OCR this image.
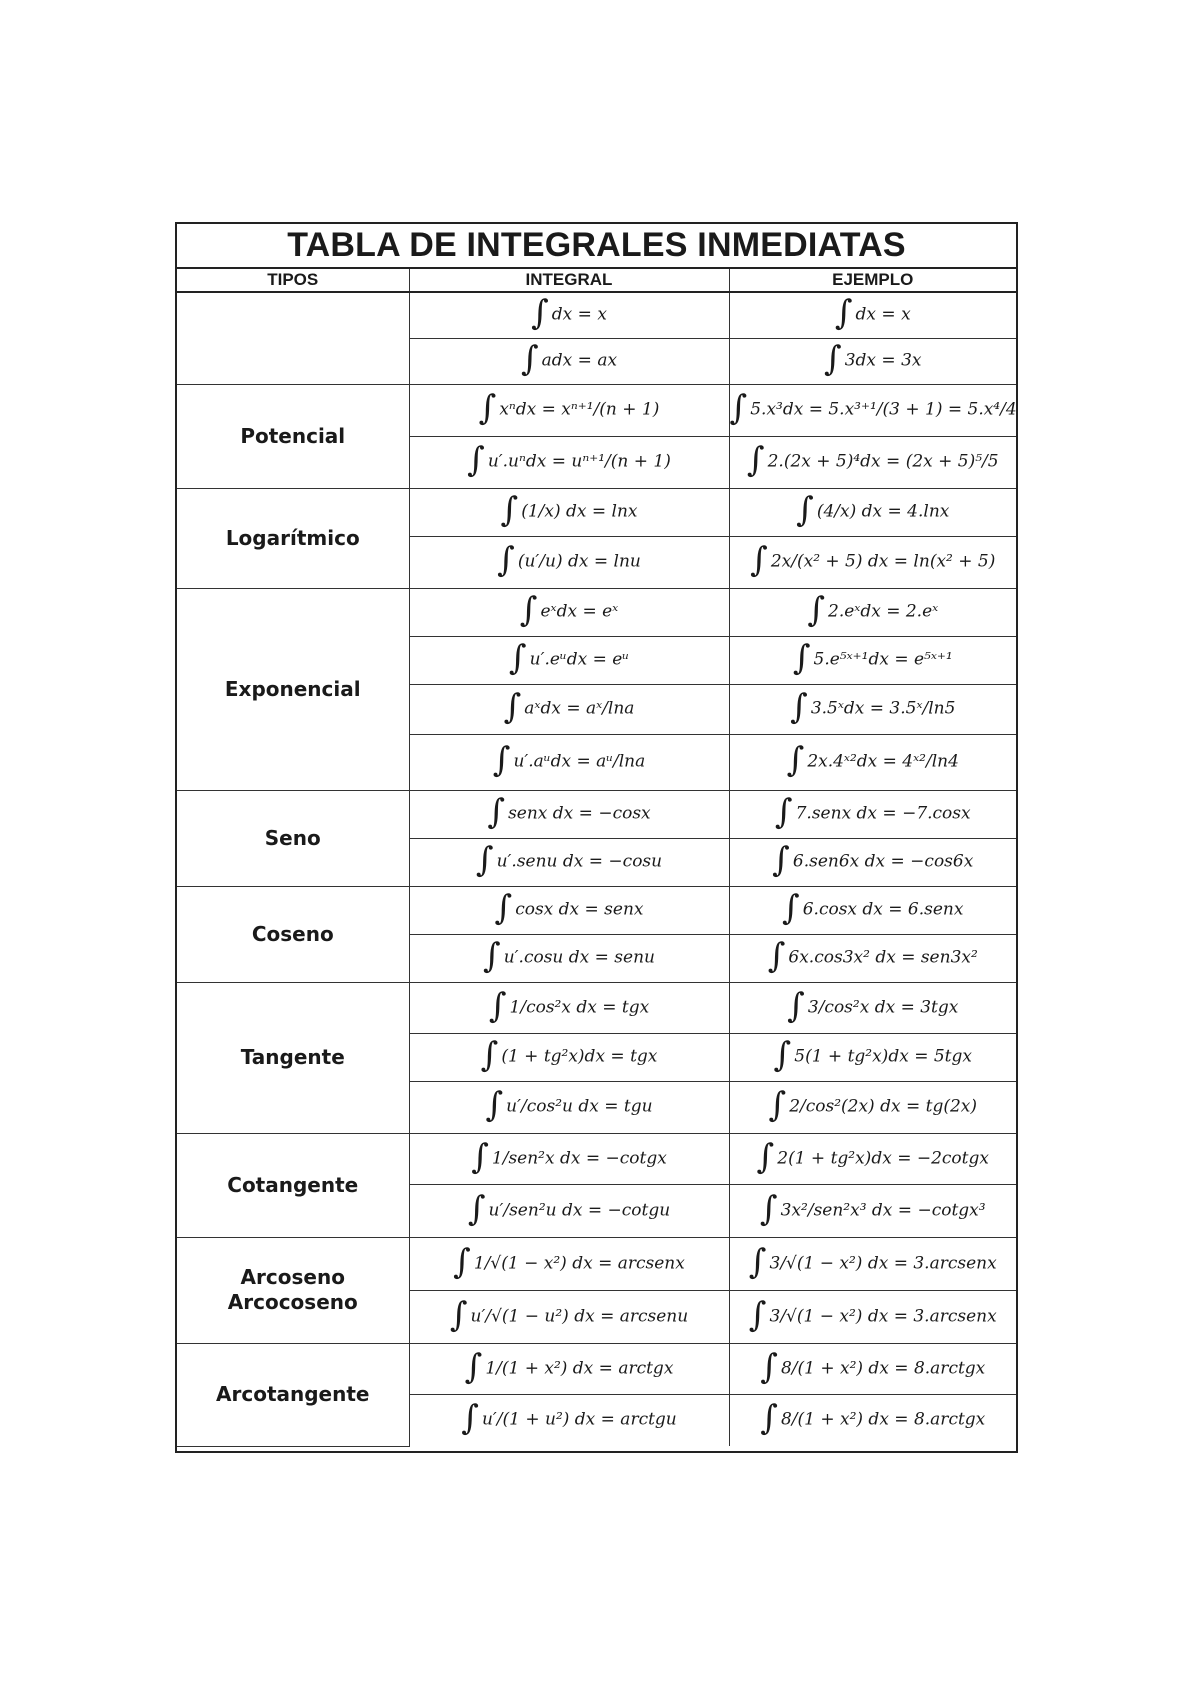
TABLA DE INTEGRALES INMEDIATAS
TIPOS	INTEGRAL	EJEMPLO
	∫ dx = x	∫ dx = x
	∫ adx = ax	∫ 3dx = 3x
Potencial	∫ xⁿdx = xⁿ⁺¹/(n + 1)	∫ 5.x³dx = 5.x³⁺¹/(3 + 1) = 5.x⁴/4
	∫ u′.uⁿdx = uⁿ⁺¹/(n + 1)	∫ 2.(2x + 5)⁴dx = (2x + 5)⁵/5
Logarítmico	∫ (1/x) dx = lnx	∫ (4/x) dx = 4.lnx
	∫ (u′/u) dx = lnu	∫ 2x/(x² + 5) dx = ln(x² + 5)
Exponencial	∫ eˣdx = eˣ	∫ 2.eˣdx = 2.eˣ
	∫ u′.eᵘdx = eᵘ	∫ 5.e⁵ˣ⁺¹dx = e⁵ˣ⁺¹
	∫ aˣdx = aˣ/lna	∫ 3.5ˣdx = 3.5ˣ/ln5
	∫ u′.aᵘdx = aᵘ/lna	∫ 2x.4ˣ²dx = 4ˣ²/ln4
Seno	∫ senx dx = −cosx	∫ 7.senx dx = −7.cosx
	∫ u′.senu dx = −cosu	∫ 6.sen6x dx = −cos6x
Coseno	∫ cosx dx = senx	∫ 6.cosx dx = 6.senx
	∫ u′.cosu dx = senu	∫ 6x.cos3x² dx = sen3x²
Tangente	∫ 1/cos²x dx = tgx	∫ 3/cos²x dx = 3tgx
	∫ (1 + tg²x)dx = tgx	∫ 5(1 + tg²x)dx = 5tgx
	∫ u′/cos²u dx = tgu	∫ 2/cos²(2x) dx = tg(2x)
Cotangente	∫ 1/sen²x dx = −cotgx	∫ 2(1 + tg²x)dx = −2cotgx
	∫ u′/sen²u dx = −cotgu	∫ 3x²/sen²x³ dx = −cotgx³
Arcoseno
Arcocoseno	∫ 1/√(1 − x²) dx = arcsenx	∫ 3/√(1 − x²) dx = 3.arcsenx
	∫ u′/√(1 − u²) dx = arcsenu	∫ 3/√(1 − x²) dx = 3.arcsenx
Arcotangente	∫ 1/(1 + x²) dx = arctgx	∫ 8/(1 + x²) dx = 8.arctgx
	∫ u′/(1 + u²) dx = arctgu	∫ 8/(1 + x²) dx = 8.arctgx
